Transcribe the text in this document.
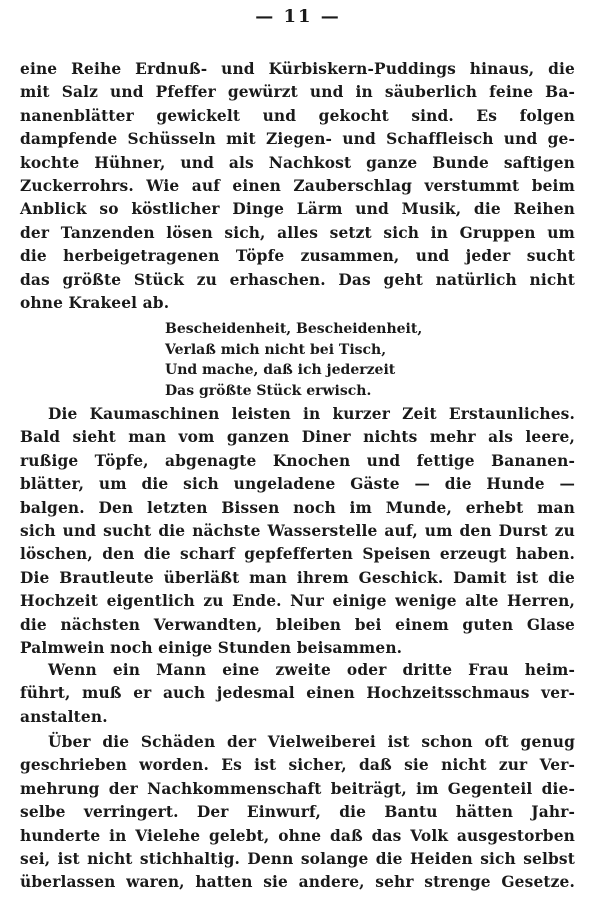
— 11 —
eine Reihe Erdnuß- und Kürbiskern-Puddings hinaus, die
mit Salz und Pfeffer gewürzt und in säuberlich feine Ba-
nanenblätter gewickelt und gekocht sind. Es folgen
dampfende Schüsseln mit Ziegen- und Schaffleisch und ge-
kochte Hühner, und als Nachkost ganze Bunde saftigen
Zuckerrohrs. Wie auf einen Zauberschlag verstummt beim
Anblick so köstlicher Dinge Lärm und Musik, die Reihen
der Tanzenden lösen sich, alles setzt sich in Gruppen um
die herbeigetragenen Töpfe zusammen, und jeder sucht
das größte Stück zu erhaschen. Das geht natürlich nicht
ohne Krakeel ab.
Bescheidenheit, Bescheidenheit,
Verlaß mich nicht bei Tisch,
Und mache, daß ich jederzeit
Das größte Stück erwisch.
Die Kaumaschinen leisten in kurzer Zeit Erstaunliches.
Bald sieht man vom ganzen Diner nichts mehr als leere,
rußige Töpfe, abgenagte Knochen und fettige Bananen-
blätter, um die sich ungeladene Gäste — die Hunde —
balgen. Den letzten Bissen noch im Munde, erhebt man
sich und sucht die nächste Wasserstelle auf, um den Durst zu
löschen, den die scharf gepfefferten Speisen erzeugt haben.
Die Brautleute überläßt man ihrem Geschick. Damit ist die
Hochzeit eigentlich zu Ende. Nur einige wenige alte Herren,
die nächsten Verwandten, bleiben bei einem guten Glase
Palmwein noch einige Stunden beisammen.
Wenn ein Mann eine zweite oder dritte Frau heim-
führt, muß er auch jedesmal einen Hochzeitsschmaus ver-
anstalten.
Über die Schäden der Vielweiberei ist schon oft genug
geschrieben worden. Es ist sicher, daß sie nicht zur Ver-
mehrung der Nachkommenschaft beiträgt, im Gegenteil die-
selbe verringert. Der Einwurf, die Bantu hätten Jahr-
hunderte in Vielehe gelebt, ohne daß das Volk ausgestorben
sei, ist nicht stichhaltig. Denn solange die Heiden sich selbst
überlassen waren, hatten sie andere, sehr strenge Gesetze.
